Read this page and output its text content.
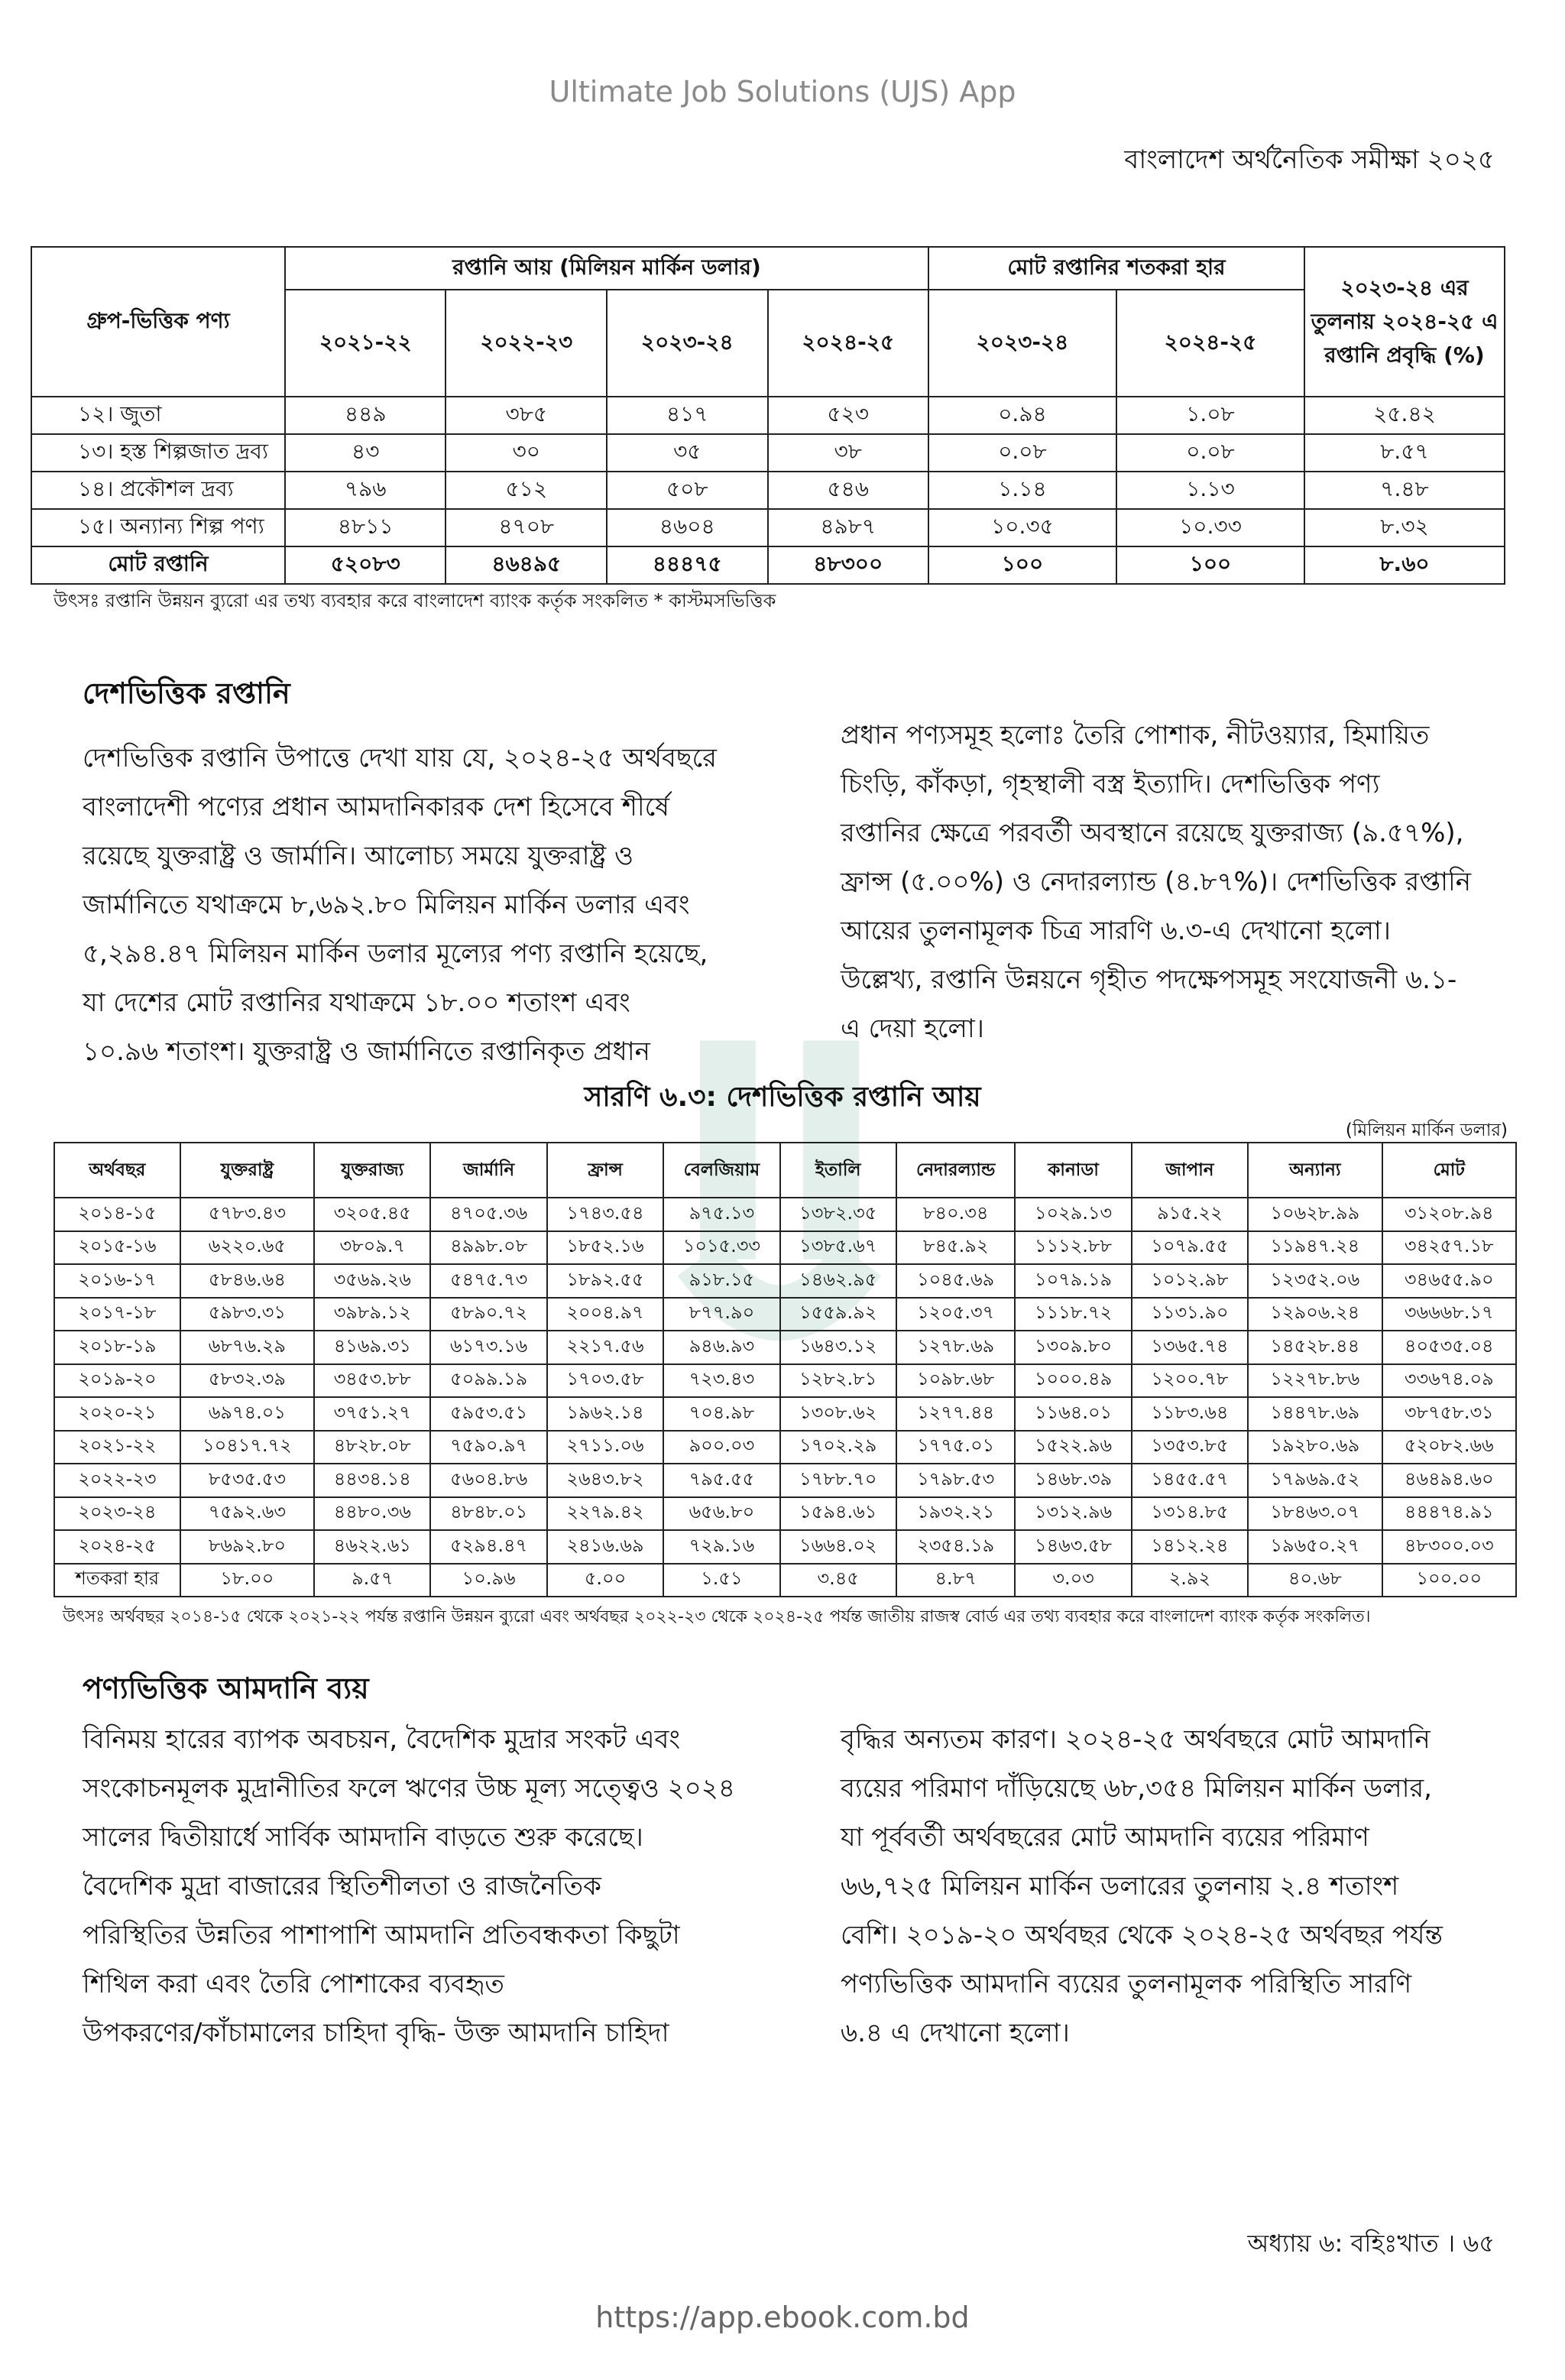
Ultimate Job Solutions (UJS) App
বাংলাদেশ অর্থনৈতিক সমীক্ষা ২০২৫
গ্রুপ-ভিত্তিক পণ্য	রপ্তানি আয় (মিলিয়ন মার্কিন ডলার)				মোট রপ্তানির শতকরা হার		২০২৩-২৪ এর তুলনায় ২০২৪-২৫ এ রপ্তানি প্রবৃদ্ধি (%)
	২০২১-২২	২০২২-২৩	২০২৩-২৪	২০২৪-২৫	২০২৩-২৪	২০২৪-২৫	
১২। জুতা	৪৪৯	৩৮৫	৪১৭	৫২৩	০.৯৪	১.০৮	২৫.৪২
১৩। হস্ত শিল্পজাত দ্রব্য	৪৩	৩০	৩৫	৩৮	০.০৮	০.০৮	৮.৫৭
১৪। প্রকৌশল দ্রব্য	৭৯৬	৫১২	৫০৮	৫৪৬	১.১৪	১.১৩	৭.৪৮
১৫। অন্যান্য শিল্প পণ্য	৪৮১১	৪৭০৮	৪৬০৪	৪৯৮৭	১০.৩৫	১০.৩৩	৮.৩২
মোট রপ্তানি	৫২০৮৩	৪৬৪৯৫	৪৪৪৭৫	৪৮৩০০	১০০	১০০	৮.৬০
উৎসঃ রপ্তানি উন্নয়ন ব্যুরো এর তথ্য ব্যবহার করে বাংলাদেশ ব্যাংক কর্তৃক সংকলিত * কাস্টমসভিত্তিক
দেশভিত্তিক রপ্তানি
দেশভিত্তিক রপ্তানি উপাত্তে দেখা যায় যে, ২০২৪-২৫ অর্থবছরে
বাংলাদেশী পণ্যের প্রধান আমদানিকারক দেশ হিসেবে শীর্ষে
রয়েছে যুক্তরাষ্ট্র ও জার্মানি। আলোচ্য সময়ে যুক্তরাষ্ট্র ও
জার্মানিতে যথাক্রমে ৮,৬৯২.৮০ মিলিয়ন মার্কিন ডলার এবং
৫,২৯৪.৪৭ মিলিয়ন মার্কিন ডলার মূল্যের পণ্য রপ্তানি হয়েছে,
যা দেশের মোট রপ্তানির যথাক্রমে ১৮.০০ শতাংশ এবং
১০.৯৬ শতাংশ। যুক্তরাষ্ট্র ও জার্মানিতে রপ্তানিকৃত প্রধান
প্রধান পণ্যসমূহ হলোঃ তৈরি পোশাক, নীটওয়্যার, হিমায়িত
চিংড়ি, কাঁকড়া, গৃহস্থালী বস্ত্র ইত্যাদি। দেশভিত্তিক পণ্য
রপ্তানির ক্ষেত্রে পরবর্তী অবস্থানে রয়েছে যুক্তরাজ্য (৯.৫৭%),
ফ্রান্স (৫.০০%) ও নেদারল্যান্ড (৪.৮৭%)। দেশভিত্তিক রপ্তানি
আয়ের তুলনামূলক চিত্র সারণি ৬.৩-এ দেখানো হলো।
উল্লেখ্য, রপ্তানি উন্নয়নে গৃহীত পদক্ষেপসমূহ সংযোজনী ৬.১-
এ দেয়া হলো।
সারণি ৬.৩: দেশভিত্তিক রপ্তানি আয়
(মিলিয়ন মার্কিন ডলার)
অর্থবছর	যুক্তরাষ্ট্র	যুক্তরাজ্য	জার্মানি	ফ্রান্স	বেলজিয়াম	ইতালি	নেদারল্যান্ড	কানাডা	জাপান	অন্যান্য	মোট
২০১৪-১৫	৫৭৮৩.৪৩	৩২০৫.৪৫	৪৭০৫.৩৬	১৭৪৩.৫৪	৯৭৫.১৩	১৩৮২.৩৫	৮৪০.৩৪	১০২৯.১৩	৯১৫.২২	১০৬২৮.৯৯	৩১২০৮.৯৪
২০১৫-১৬	৬২২০.৬৫	৩৮০৯.৭	৪৯৯৮.০৮	১৮৫২.১৬	১০১৫.৩৩	১৩৮৫.৬৭	৮৪৫.৯২	১১১২.৮৮	১০৭৯.৫৫	১১৯৪৭.২৪	৩৪২৫৭.১৮
২০১৬-১৭	৫৮৪৬.৬৪	৩৫৬৯.২৬	৫৪৭৫.৭৩	১৮৯২.৫৫	৯১৮.১৫	১৪৬২.৯৫	১০৪৫.৬৯	১০৭৯.১৯	১০১২.৯৮	১২৩৫২.০৬	৩৪৬৫৫.৯০
২০১৭-১৮	৫৯৮৩.৩১	৩৯৮৯.১২	৫৮৯০.৭২	২০০৪.৯৭	৮৭৭.৯০	১৫৫৯.৯২	১২০৫.৩৭	১১১৮.৭২	১১৩১.৯০	১২৯০৬.২৪	৩৬৬৬৮.১৭
২০১৮-১৯	৬৮৭৬.২৯	৪১৬৯.৩১	৬১৭৩.১৬	২২১৭.৫৬	৯৪৬.৯৩	১৬৪৩.১২	১২৭৮.৬৯	১৩০৯.৮০	১৩৬৫.৭৪	১৪৫২৮.৪৪	৪০৫৩৫.০৪
২০১৯-২০	৫৮৩২.৩৯	৩৪৫৩.৮৮	৫০৯৯.১৯	১৭০৩.৫৮	৭২৩.৪৩	১২৮২.৮১	১০৯৮.৬৮	১০০০.৪৯	১২০০.৭৮	১২২৭৮.৮৬	৩৩৬৭৪.০৯
২০২০-২১	৬৯৭৪.০১	৩৭৫১.২৭	৫৯৫৩.৫১	১৯৬২.১৪	৭০৪.৯৮	১৩০৮.৬২	১২৭৭.৪৪	১১৬৪.০১	১১৮৩.৬৪	১৪৪৭৮.৬৯	৩৮৭৫৮.৩১
২০২১-২২	১০৪১৭.৭২	৪৮২৮.০৮	৭৫৯০.৯৭	২৭১১.০৬	৯০০.০৩	১৭০২.২৯	১৭৭৫.০১	১৫২২.৯৬	১৩৫৩.৮৫	১৯২৮০.৬৯	৫২০৮২.৬৬
২০২২-২৩	৮৫৩৫.৫৩	৪৪৩৪.১৪	৫৬০৪.৮৬	২৬৪৩.৮২	৭৯৫.৫৫	১৭৮৮.৭০	১৭৯৮.৫৩	১৪৬৮.৩৯	১৪৫৫.৫৭	১৭৯৬৯.৫২	৪৬৪৯৪.৬০
২০২৩-২৪	৭৫৯২.৬৩	৪৪৮০.৩৬	৪৮৪৮.০১	২২৭৯.৪২	৬৫৬.৮০	১৫৯৪.৬১	১৯৩২.২১	১৩১২.৯৬	১৩১৪.৮৫	১৮৪৬৩.০৭	৪৪৪৭৪.৯১
২০২৪-২৫	৮৬৯২.৮০	৪৬২২.৬১	৫২৯৪.৪৭	২৪১৬.৬৯	৭২৯.১৬	১৬৬৪.০২	২৩৫৪.১৯	১৪৬৩.৫৮	১৪১২.২৪	১৯৬৫০.২৭	৪৮৩০০.০৩
শতকরা হার	১৮.০০	৯.৫৭	১০.৯৬	৫.০০	১.৫১	৩.৪৫	৪.৮৭	৩.০৩	২.৯২	৪০.৬৮	১০০.০০
উৎসঃ অর্থবছর ২০১৪-১৫ থেকে ২০২১-২২ পর্যন্ত রপ্তানি উন্নয়ন ব্যুরো এবং অর্থবছর ২০২২-২৩ থেকে ২০২৪-২৫ পর্যন্ত জাতীয় রাজস্ব বোর্ড এর তথ্য ব্যবহার করে বাংলাদেশ ব্যাংক কর্তৃক সংকলিত।
পণ্যভিত্তিক আমদানি ব্যয়
বিনিময় হারের ব্যাপক অবচয়ন, বৈদেশিক মুদ্রার সংকট এবং
সংকোচনমূলক মুদ্রানীতির ফলে ঋণের উচ্চ মূল্য সত্ত্বেও ২০২৪
সালের দ্বিতীয়ার্ধে সার্বিক আমদানি বাড়তে শুরু করেছে।
বৈদেশিক মুদ্রা বাজারের স্থিতিশীলতা ও রাজনৈতিক
পরিস্থিতির উন্নতির পাশাপাশি আমদানি প্রতিবন্ধকতা কিছুটা
শিথিল করা এবং তৈরি পোশাকের ব্যবহৃত
উপকরণের/কাঁচামালের চাহিদা বৃদ্ধি- উক্ত আমদানি চাহিদা
বৃদ্ধির অন্যতম কারণ। ২০২৪-২৫ অর্থবছরে মোট আমদানি
ব্যয়ের পরিমাণ দাঁড়িয়েছে ৬৮,৩৫৪ মিলিয়ন মার্কিন ডলার,
যা পূর্ববর্তী অর্থবছরের মোট আমদানি ব্যয়ের পরিমাণ
৬৬,৭২৫ মিলিয়ন মার্কিন ডলারের তুলনায় ২.৪ শতাংশ
বেশি। ২০১৯-২০ অর্থবছর থেকে ২০২৪-২৫ অর্থবছর পর্যন্ত
পণ্যভিত্তিক আমদানি ব্যয়ের তুলনামূলক পরিস্থিতি সারণি
৬.৪ এ দেখানো হলো।
অধ্যায় ৬: বহিঃখাত । ৬৫
https://app.ebook.com.bd
